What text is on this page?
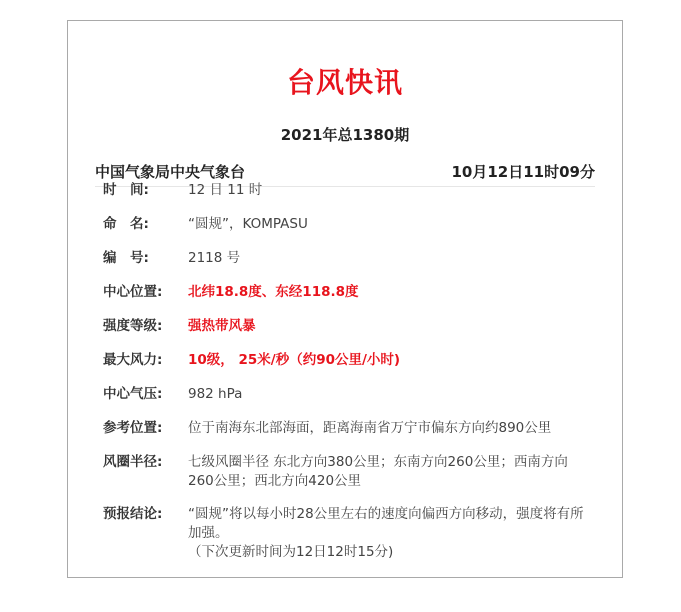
台风快讯
2021年总1380期
中国气象局中央气象台	10月12日11时09分
时　间:	12 日 11 时
命　名:	“圆规”，KOMPASU
编　号:	2118 号
中心位置:	北纬18.8度、东经118.8度
强度等级:	强热带风暴
最大风力:	10级， 25米/秒（约90公里/小时)
中心气压:	982 hPa
参考位置:	位于南海东北部海面，距离海南省万宁市偏东方向约890公里
风圈半径:	七级风圈半径 东北方向380公里；东南方向260公里；西南方向260公里；西北方向420公里
预报结论:	“圆规”将以每小时28公里左右的速度向偏西方向移动，强度将有所加强。
（下次更新时间为12日12时15分)
